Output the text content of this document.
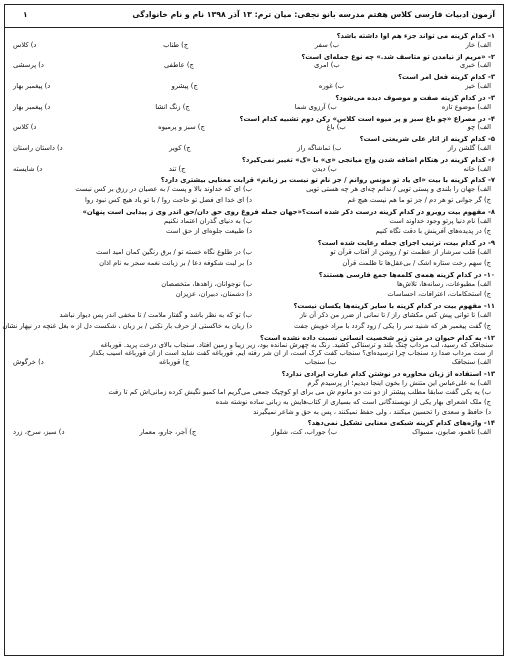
آزمون ادبیات فارسی کلاس هفتم مدرسه بانو نجفی: میان ترم: ۱۳ آذر ۱۳۹۸ نام و نام خانوادگی
۱
۱- کدام گزینه می تواند جزء هم آوا داشته باشد؟
الف) خار
ب) سفر
ج) طناب
د) کلاس
۲- «مریم از نیامدن تو متأسف شد.» چه نوع جمله‌ای است؟
الف) خبری
ب) امری
ج) عاطفی
د) پرسشی
۳- کدام گزینه فعل امر است؟
الف) خیز
ب) غوره
ج) پیشرو
د) پیغمبر بهار
۳- در کدام گزینه صفت و موصوف دیده می‌شود؟
الف) موضوع تازه
ب) آرزوی شما
ج) زنگ انشا
د) پیغمبر بهار
۴- در مصراع «چو باغ سبز و پر میوه است کلاس» رکن دوم تشبیه کدام است؟
الف) چو
ب) باغ
ج) سبز و پرمیوه
د) کلاس
۵- کدام گزینه از آثار علی شریعتی است؟
الف) گلشن راز
ب) تماشاگه راز
ج) کویر
د) داستان راستان
۶- کدام گزینه در هنگام اضافه شدن واج میانجی «ی» یا «گ» تغییر نمی‌گیرد؟
الف) خانه
ب) دیدن
ج) تند
د) شایسته
۷- کدام گزینه با بیت «ای یاد تو مونس روانم / جز نام تو نیست بر زبانم» قرابت معنایی بیشتری دارد؟
الف) جهان را بلندی و پستی تویی / ندانم چه‌ای هر چه هستی تویی
ب) ای که خداوند بالا و پست / به عصیان در رزق بر کس نبست
ج) گر جوانی تو هر دم / جز تو ما هم نیست هیچ غم
د) ای خدا ای فضل تو حاجت روا / با تو یاد هیچ کس نبود روا
۸- مفهوم بیت روبرو در کدام گزینه درست ذکر شده است؟«جهان جمله فروغ روی حق دان/حق اندر وی ز پیدایی است پنهان»
الف) نام دنیا پرتو وجود خداوند است
ب) به دنیای گذران اعتماد نکنیم
ج) در پدیده‌های آفرینش با دقت نگاه کنیم
د) طبیعت جلوه‌ای از حق است
۹- در کدام بیت، ترتیب اجزای جمله رعایت شده است؟
الف) قلب سرشار از عظمت تو / روشن از آفتاب قرآن تو
ب) در طلوع نگاه خسته تو / برق رنگین کمان امید است
ج) سهم رخت ستاره اشک / بی‌عقل‌ها تا ظلمت قرآن
د) بر لبت شکوفه دعا / بر زبانت نغمه سحر به نام اذان
۱۰- در کدام گزینه همه‌ی کلمه‌ها جمع فارسی هستند؟
الف) مطبوعات، رسانه‌ها، تلاش‌ها
ب) نوجوانان، زاهدها، متخصصان
ج) استحکامات، اعترافات، احساسات
د) دشمنان، دبیران، عزیزان
۱۱- مفهوم بیت در کدام گزینه با سایر گزینه‌ها یکسان نیست؟
الف) تا توانی پیش کس مکشای راز / تا نمانی از ضرر من ذکر آن ناز
ب) تو که به نظر باشد و گفتار ملامت / تا مخفی اندر پس دیوار نباشد
ج) گفت پیغمبر هر که شنید سر را یکی / زود گردد با مراد خویش جفت
د) زبان به خاکستی از حرف بار نکنی / بر زبان ، شکست دل از ه بغل غنچه در نپهار نشان
۱۲- به کدام حیوان در متن زیر شخصیت انسانی نسبت داده نشده است؟
سنجاقک که رسید، لب مرداب چنگ بلند و ترسناکی کشید. رنگ به چهرش نمانده بود، زیر زیبا و زمین افتاد. سنجاب بالای درخت پرید. قورباغه
از ست مرداب صدا زد سنجاب چرا ترسیده‌ای؟ سنجاب گفت گرگ است، از آن شر رفته ایم. قورباغه گفت شاید است از آن قورباغه آسیب بگذار
الف) سنجاقک
ب) سنجاب
ج) قورباغه
د) خرگوش
۱۳- استفاده از زبان محاوره در نوشتن کدام عبارت ایرادی ندارد؟
الف) به علی‌عباس این متنش را بخون اینجا دیدیم؛ از پرسیدم گرم
ب) یه یکی گفت سابقا مطلب پیشتر از دو نت دو مانوم ش می برای او کوچیک جمعی می‌گریم اما کمبو نگیش کرده زمانی‌اش کم تا رفت
ج) ملک اشعرای بهار یکی از نویسندگانی است که بسیاری از کتاب‌هایش به زبانی ساده نوشته شده
د) حافظ و سعدی را تحسین میکنند ، ولی حفظ نمیکنند ، پس به حق و شاعر نمیگیرند
۱۴- واژه‌های کدام گزینه شبکه‌ی معنایی تشکیل نمی‌دهد؟
الف) ناهمو، صابون، مسواک
ب) جوراب، کت، شلوار
ج) آجر، جارو، معمار
د) سبز، سرخ، زرد
